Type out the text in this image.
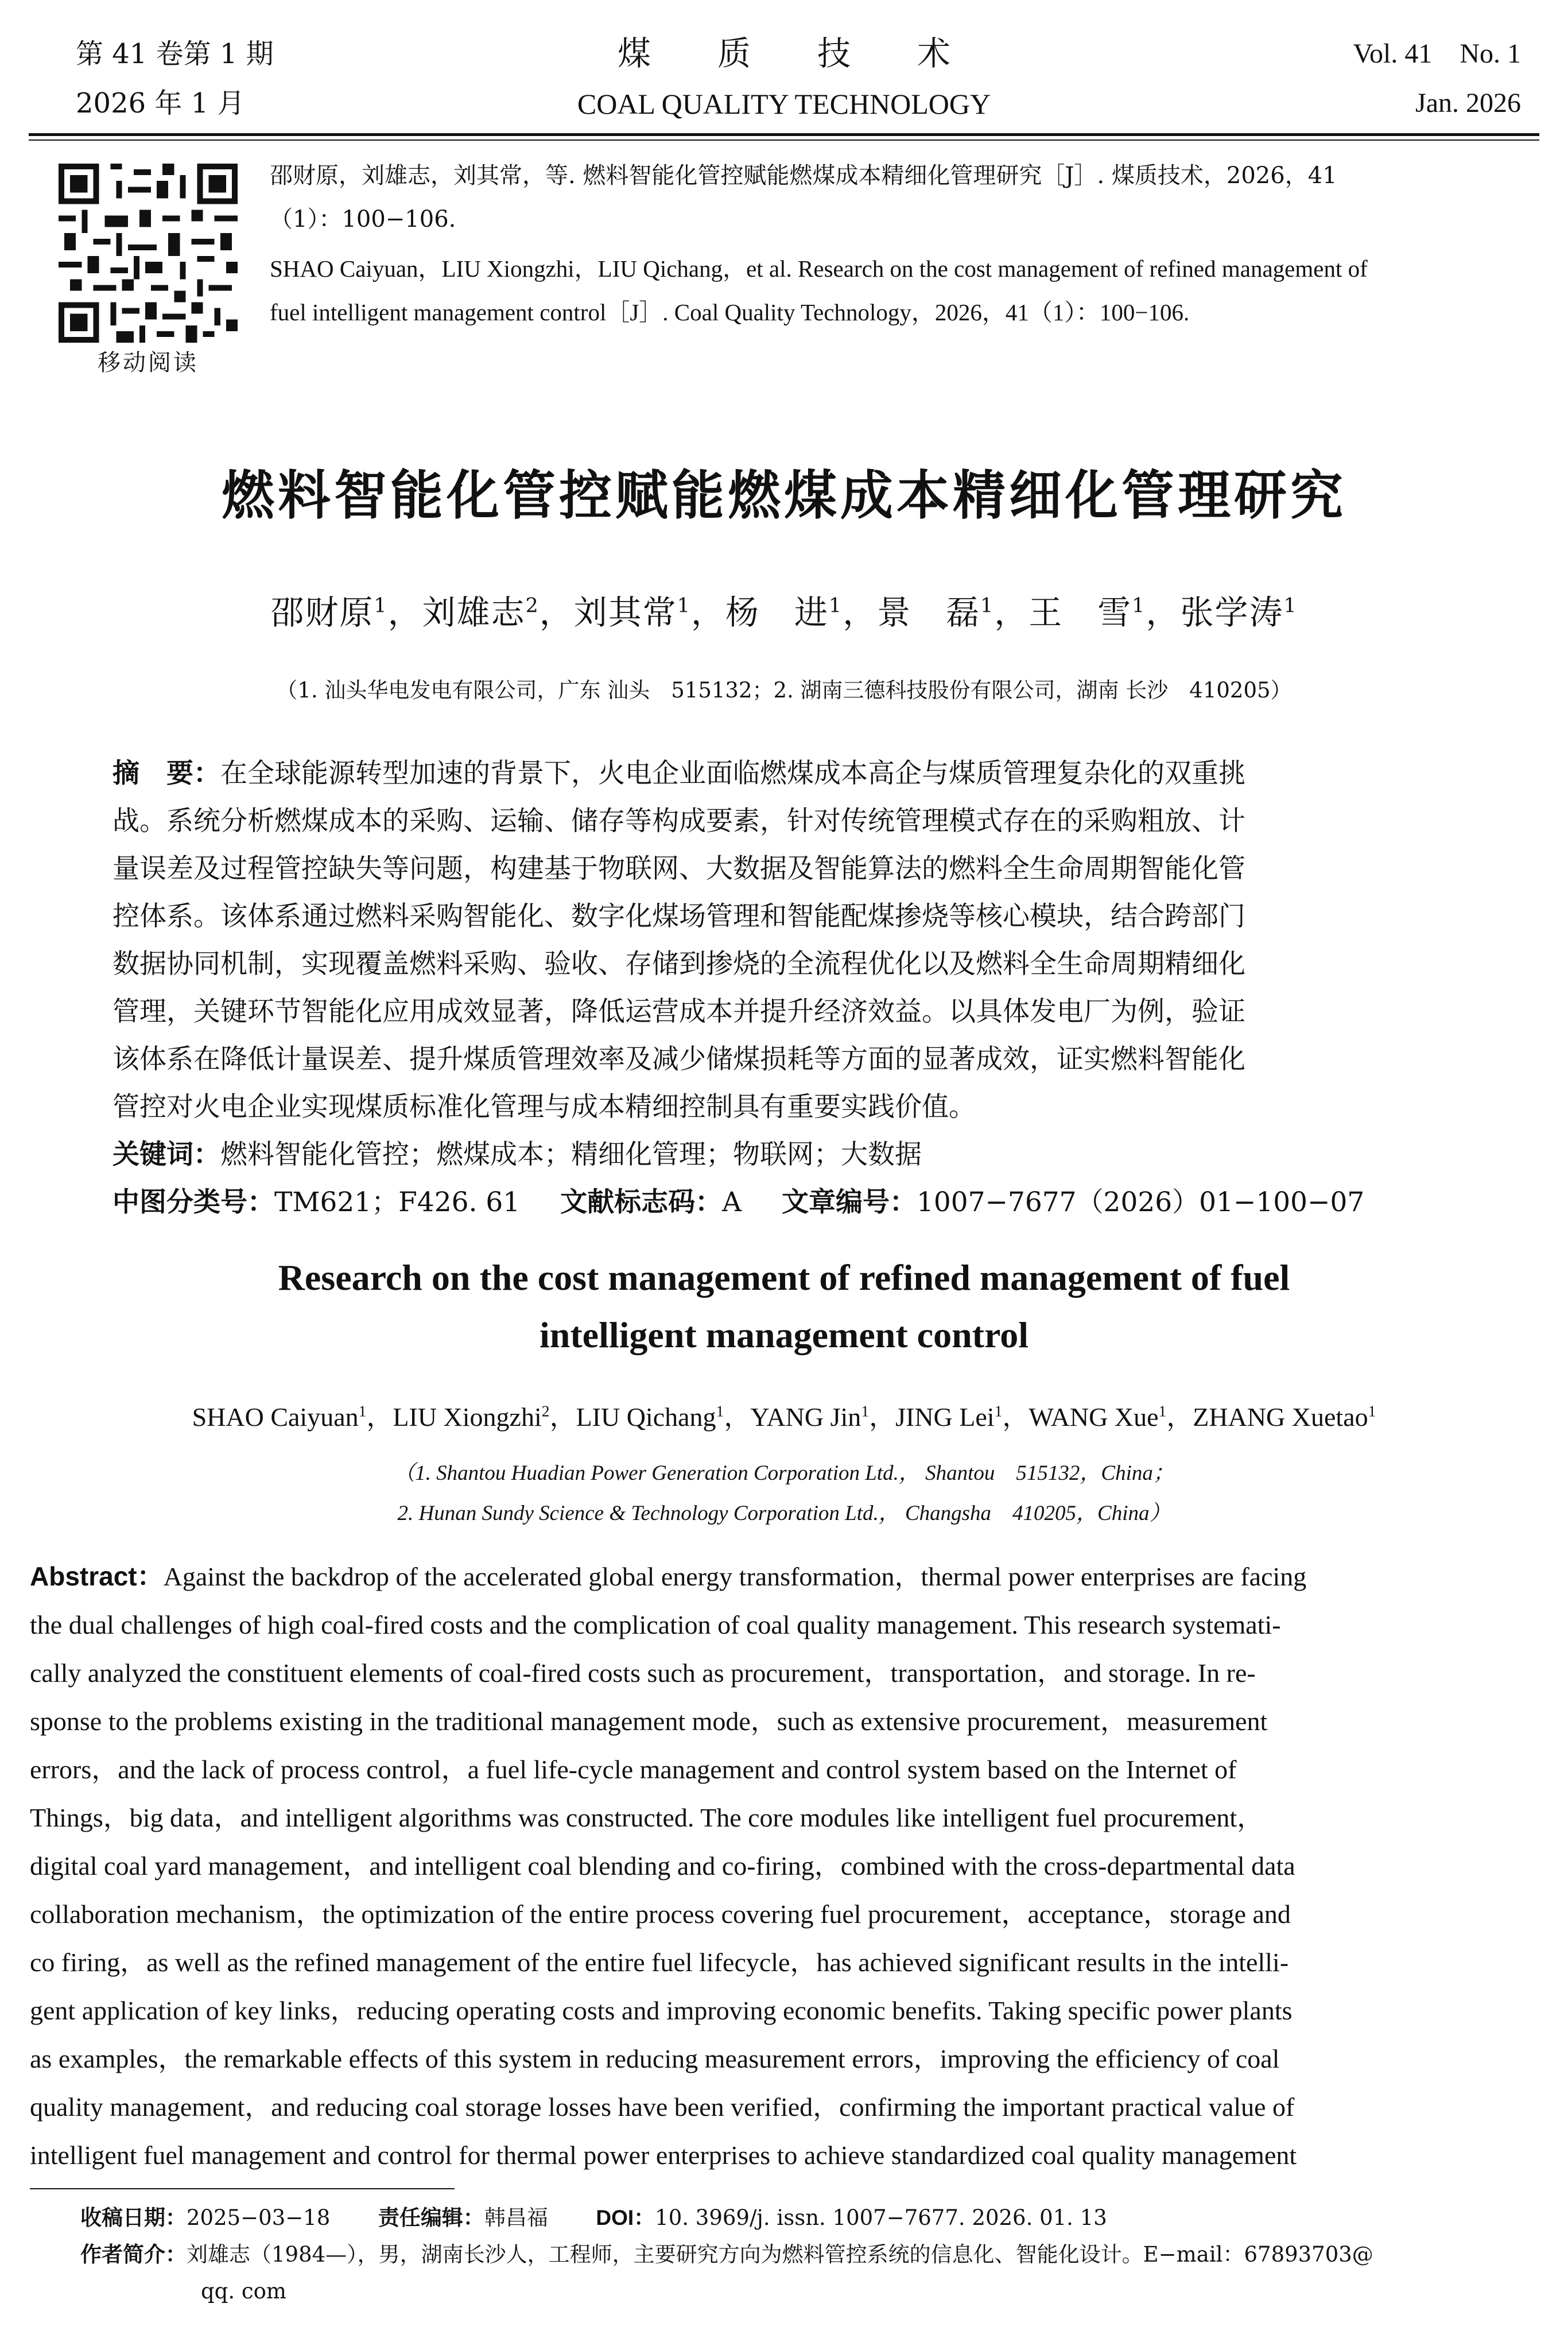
第 41 卷第 1 期
2026 年 1 月
煤　　质　　技　　术
COAL QUALITY TECHNOLOGY
Vol. 41　No. 1
Jan. 2026
移动阅读
邵财原，刘雄志，刘其常，等. 燃料智能化管控赋能燃煤成本精细化管理研究［J］. 煤质技术，2026，41
（1）：100−106.
SHAO Caiyuan，LIU Xiongzhi，LIU Qichang，et al. Research on the cost management of refined management of
fuel intelligent management control［J］. Coal Quality Technology，2026，41（1）：100−106.
燃料智能化管控赋能燃煤成本精细化管理研究
邵财原$^1$，刘雄志$^2$，刘其常$^1$，杨　进$^1$，景　磊$^1$，王　雪$^1$，张学涛$^1$
（1. 汕头华电发电有限公司，广东 汕头　515132；2. 湖南三德科技股份有限公司，湖南 长沙　410205）
摘　要：在全球能源转型加速的背景下，火电企业面临燃煤成本高企与煤质管理复杂化的双重挑
战。系统分析燃煤成本的采购、运输、储存等构成要素，针对传统管理模式存在的采购粗放、计
量误差及过程管控缺失等问题，构建基于物联网、大数据及智能算法的燃料全生命周期智能化管
控体系。该体系通过燃料采购智能化、数字化煤场管理和智能配煤掺烧等核心模块，结合跨部门
数据协同机制，实现覆盖燃料采购、验收、存储到掺烧的全流程优化以及燃料全生命周期精细化
管理，关键环节智能化应用成效显著，降低运营成本并提升经济效益。以具体发电厂为例，验证
该体系在降低计量误差、提升煤质管理效率及减少储煤损耗等方面的显著成效，证实燃料智能化
管控对火电企业实现煤质标准化管理与成本精细控制具有重要实践价值。
关键词：燃料智能化管控；燃煤成本；精细化管理；物联网；大数据
中图分类号：TM621；F426. 61 文献标志码：A 文章编号：1007−7677（2026）01−100−07
Research on the cost management of refined management of fuel
intelligent management control
SHAO Caiyuan$^1$，LIU Xiongzhi$^2$，LIU Qichang$^1$，YANG Jin$^1$，JING Lei$^1$，WANG Xue$^1$，ZHANG Xuetao$^1$
（1. Shantou Huadian Power Generation Corporation Ltd.， Shantou　515132，China；
2. Hunan Sundy Science & Technology Corporation Ltd.， Changsha　410205，China）
Abstract：Against the backdrop of the accelerated global energy transformation，thermal power enterprises are facing
the dual challenges of high coal-fired costs and the complication of coal quality management. This research systemati-
cally analyzed the constituent elements of coal-fired costs such as procurement，transportation，and storage. In re-
sponse to the problems existing in the traditional management mode，such as extensive procurement，measurement
errors，and the lack of process control，a fuel life-cycle management and control system based on the Internet of
Things，big data，and intelligent algorithms was constructed. The core modules like intelligent fuel procurement，
digital coal yard management，and intelligent coal blending and co-firing，combined with the cross-departmental data
collaboration mechanism，the optimization of the entire process covering fuel procurement，acceptance，storage and
co firing，as well as the refined management of the entire fuel lifecycle，has achieved significant results in the intelli-
gent application of key links，reducing operating costs and improving economic benefits. Taking specific power plants
as examples，the remarkable effects of this system in reducing measurement errors，improving the efficiency of coal
quality management，and reducing coal storage losses have been verified，confirming the important practical value of
intelligent fuel management and control for thermal power enterprises to achieve standardized coal quality management
收稿日期：2025−03−18 责任编辑：韩昌福 DOI：10. 3969/j. issn. 1007−7677. 2026. 01. 13
作者简介：刘雄志（1984—），男，湖南长沙人，工程师，主要研究方向为燃料管控系统的信息化、智能化设计。E−mail：67893703@
qq. com
